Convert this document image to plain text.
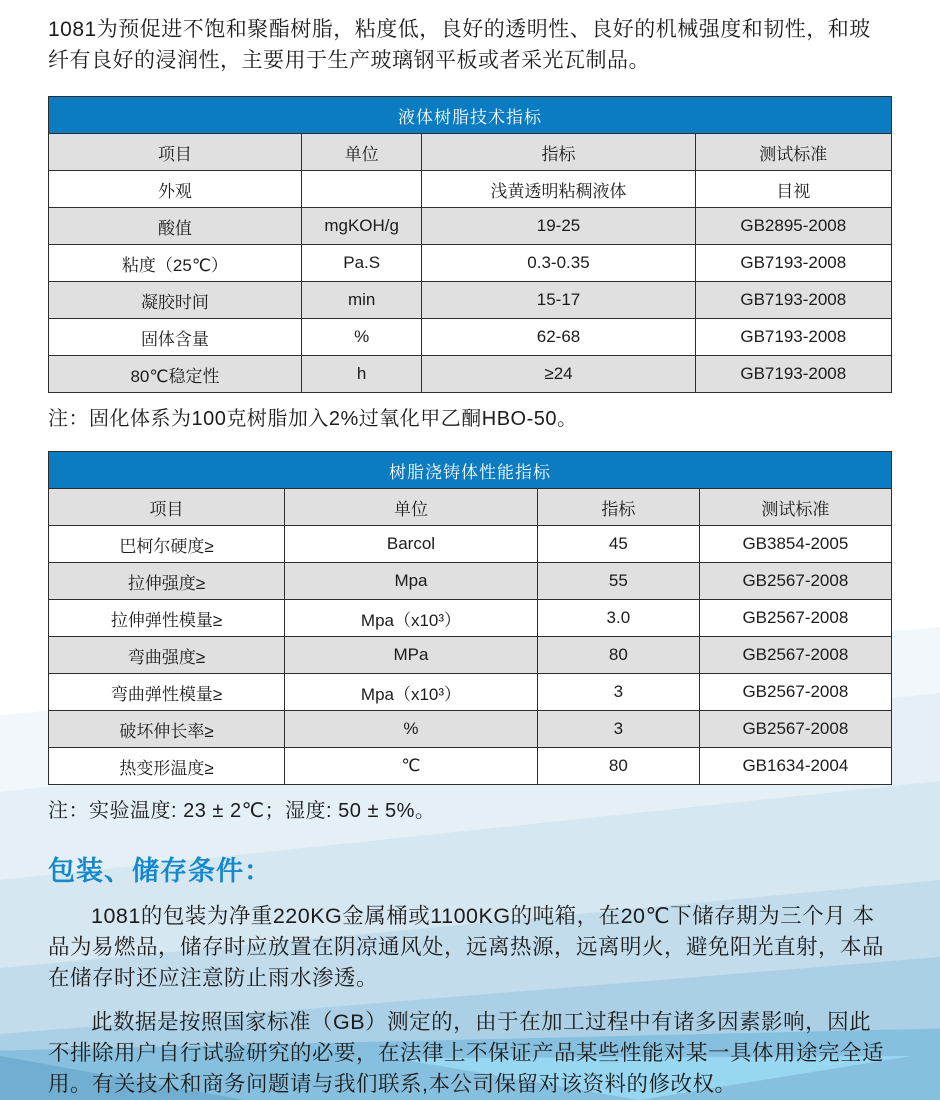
1081为预促进不饱和聚酯树脂，粘度低，良好的透明性、良好的机械强度和韧性，和玻纤有良好的浸润性，主要用于生产玻璃钢平板或者采光瓦制品。

液体树脂技术指标			
项目	单位	指标	测试标准
外观		浅黄透明粘稠液体	目视
酸值	mgKOH/g	19-25	GB2895-2008
粘度（25℃）	Pa.S	0.3-0.35	GB7193-2008
凝胶时间	min	15-17	GB7193-2008
固体含量	%	62-68	GB7193-2008
80℃稳定性	h	≥24	GB7193-2008

注：固化体系为100克树脂加入2%过氧化甲乙酮HBO-50。

树脂浇铸体性能指标			
项目	单位	指标	测试标准
巴柯尔硬度≥	Barcol	45	GB3854-2005
拉伸强度≥	Mpa	55	GB2567-2008
拉伸弹性模量≥	Mpa（x10³）	3.0	GB2567-2008
弯曲强度≥	MPa	80	GB2567-2008
弯曲弹性模量≥	Mpa（x10³）	3	GB2567-2008
破坏伸长率≥	%	3	GB2567-2008
热变形温度≥	℃	80	GB1634-2004

注：实验温度: 23 ± 2℃；湿度: 50 ± 5%。

包装、储存条件：

1081的包装为净重220KG金属桶或1100KG的吨箱，在20℃下储存期为三个月 本品为易燃品，储存时应放置在阴凉通风处，远离热源，远离明火，避免阳光直射，本品在储存时还应注意防止雨水渗透。

此数据是按照国家标准（GB）测定的，由于在加工过程中有诸多因素影响，因此不排除用户自行试验研究的必要，在法律上不保证产品某些性能对某一具体用途完全适用。有关技术和商务问题请与我们联系,本公司保留对该资料的修改权。
